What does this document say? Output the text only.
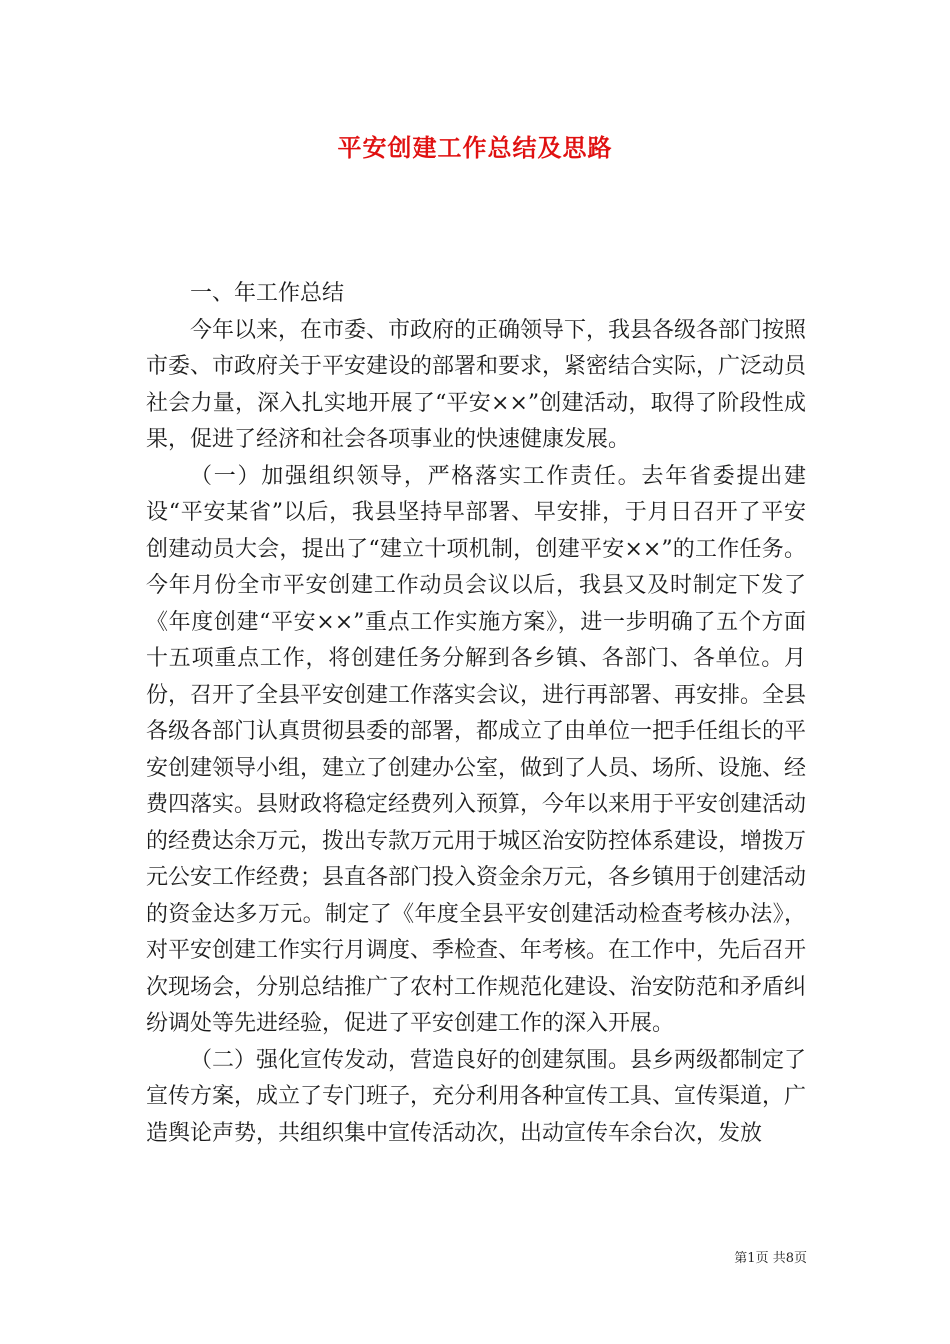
平安创建工作总结及思路

一、年工作总结

今年以来，在市委、市政府的正确领导下，我县各级各部门按照市委、市政府关于平安建设的部署和要求，紧密结合实际，广泛动员社会力量，深入扎实地开展了“平安××”创建活动，取得了阶段性成果，促进了经济和社会各项事业的快速健康发展。

（一）加强组织领导，严格落实工作责任。去年省委提出建设“平安某省”以后，我县坚持早部署、早安排，于月日召开了平安创建动员大会，提出了“建立十项机制，创建平安××”的工作任务。今年月份全市平安创建工作动员会议以后，我县又及时制定下发了《年度创建“平安××”重点工作实施方案》，进一步明确了五个方面十五项重点工作，将创建任务分解到各乡镇、各部门、各单位。月份，召开了全县平安创建工作落实会议，进行再部署、再安排。全县各级各部门认真贯彻县委的部署，都成立了由单位一把手任组长的平安创建领导小组，建立了创建办公室，做到了人员、场所、设施、经费四落实。县财政将稳定经费列入预算，今年以来用于平安创建活动的经费达余万元，拨出专款万元用于城区治安防控体系建设，增拨万元公安工作经费；县直各部门投入资金余万元，各乡镇用于创建活动的资金达多万元。制定了《年度全县平安创建活动检查考核办法》，对平安创建工作实行月调度、季检查、年考核。在工作中，先后召开次现场会，分别总结推广了农村工作规范化建设、治安防范和矛盾纠纷调处等先进经验，促进了平安创建工作的深入开展。

（二）强化宣传发动，营造良好的创建氛围。县乡两级都制定了宣传方案，成立了专门班子，充分利用各种宣传工具、宣传渠道，广造舆论声势，共组织集中宣传活动次，出动宣传车余台次，发放

第1页 共8页
